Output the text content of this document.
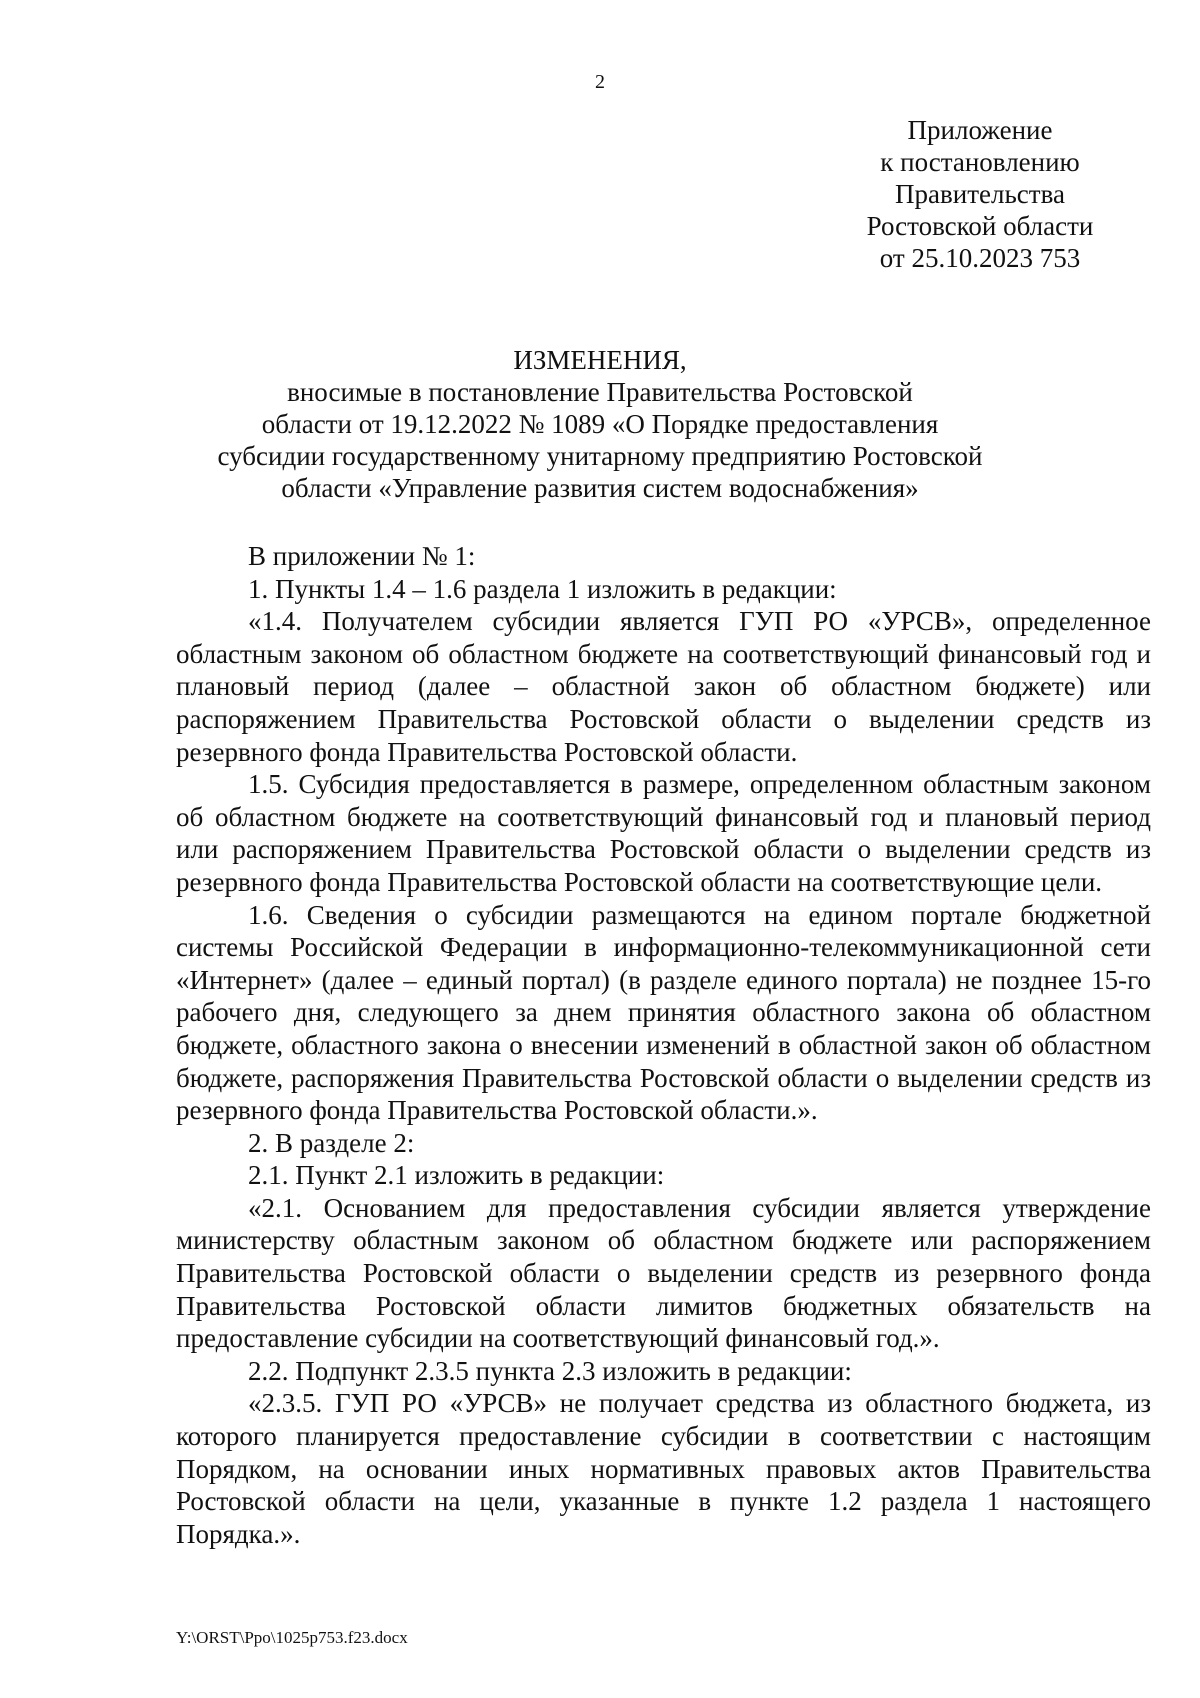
2
Приложение
к постановлению
Правительства
Ростовской области
от 25.10.2023 753
ИЗМЕНЕНИЯ,
вносимые в постановление Правительства Ростовской
области от 19.12.2022 № 1089 «О Порядке предоставления
субсидии государственному унитарному предприятию Ростовской
области «Управление развития систем водоснабжения»

В приложении № 1:

1. Пункты 1.4 – 1.6 раздела 1 изложить в редакции:

«1.4. Получателем субсидии является ГУП РО «УРСВ», определенное областным законом об областном бюджете на соответствующий финансовый год и плановый период (далее – областной закон об областном бюджете) или распоряжением Правительства Ростовской области о выделении средств из резервного фонда Правительства Ростовской области.

1.5. Субсидия предоставляется в размере, определенном областным законом об областном бюджете на соответствующий финансовый год и плановый период или распоряжением Правительства Ростовской области о выделении средств из резервного фонда Правительства Ростовской области на соответствующие цели.

1.6. Сведения о субсидии размещаются на едином портале бюджетной системы Российской Федерации в информационно-телекоммуникационной сети «Интернет» (далее – единый портал) (в разделе единого портала) не позднее 15-го рабочего дня, следующего за днем принятия областного закона об областном бюджете, областного закона о внесении изменений в областной закон об областном бюджете, распоряжения Правительства Ростовской области о выделении средств из резервного фонда Правительства Ростовской области.».

2. В разделе 2:

2.1. Пункт 2.1 изложить в редакции:

«2.1. Основанием для предоставления субсидии является утверждение министерству областным законом об областном бюджете или распоряжением Правительства Ростовской области о выделении средств из резервного фонда Правительства Ростовской области лимитов бюджетных обязательств на предоставление субсидии на соответствующий финансовый год.».

2.2. Подпункт 2.3.5 пункта 2.3 изложить в редакции:

«2.3.5. ГУП РО «УРСВ» не получает средства из областного бюджета, из которого планируется предоставление субсидии в соответствии с настоящим Порядком, на основании иных нормативных правовых актов Правительства Ростовской области на цели, указанные в пункте 1.2 раздела 1 настоящего Порядка.».

Y:\ORST\Ppo\1025p753.f23.docx
